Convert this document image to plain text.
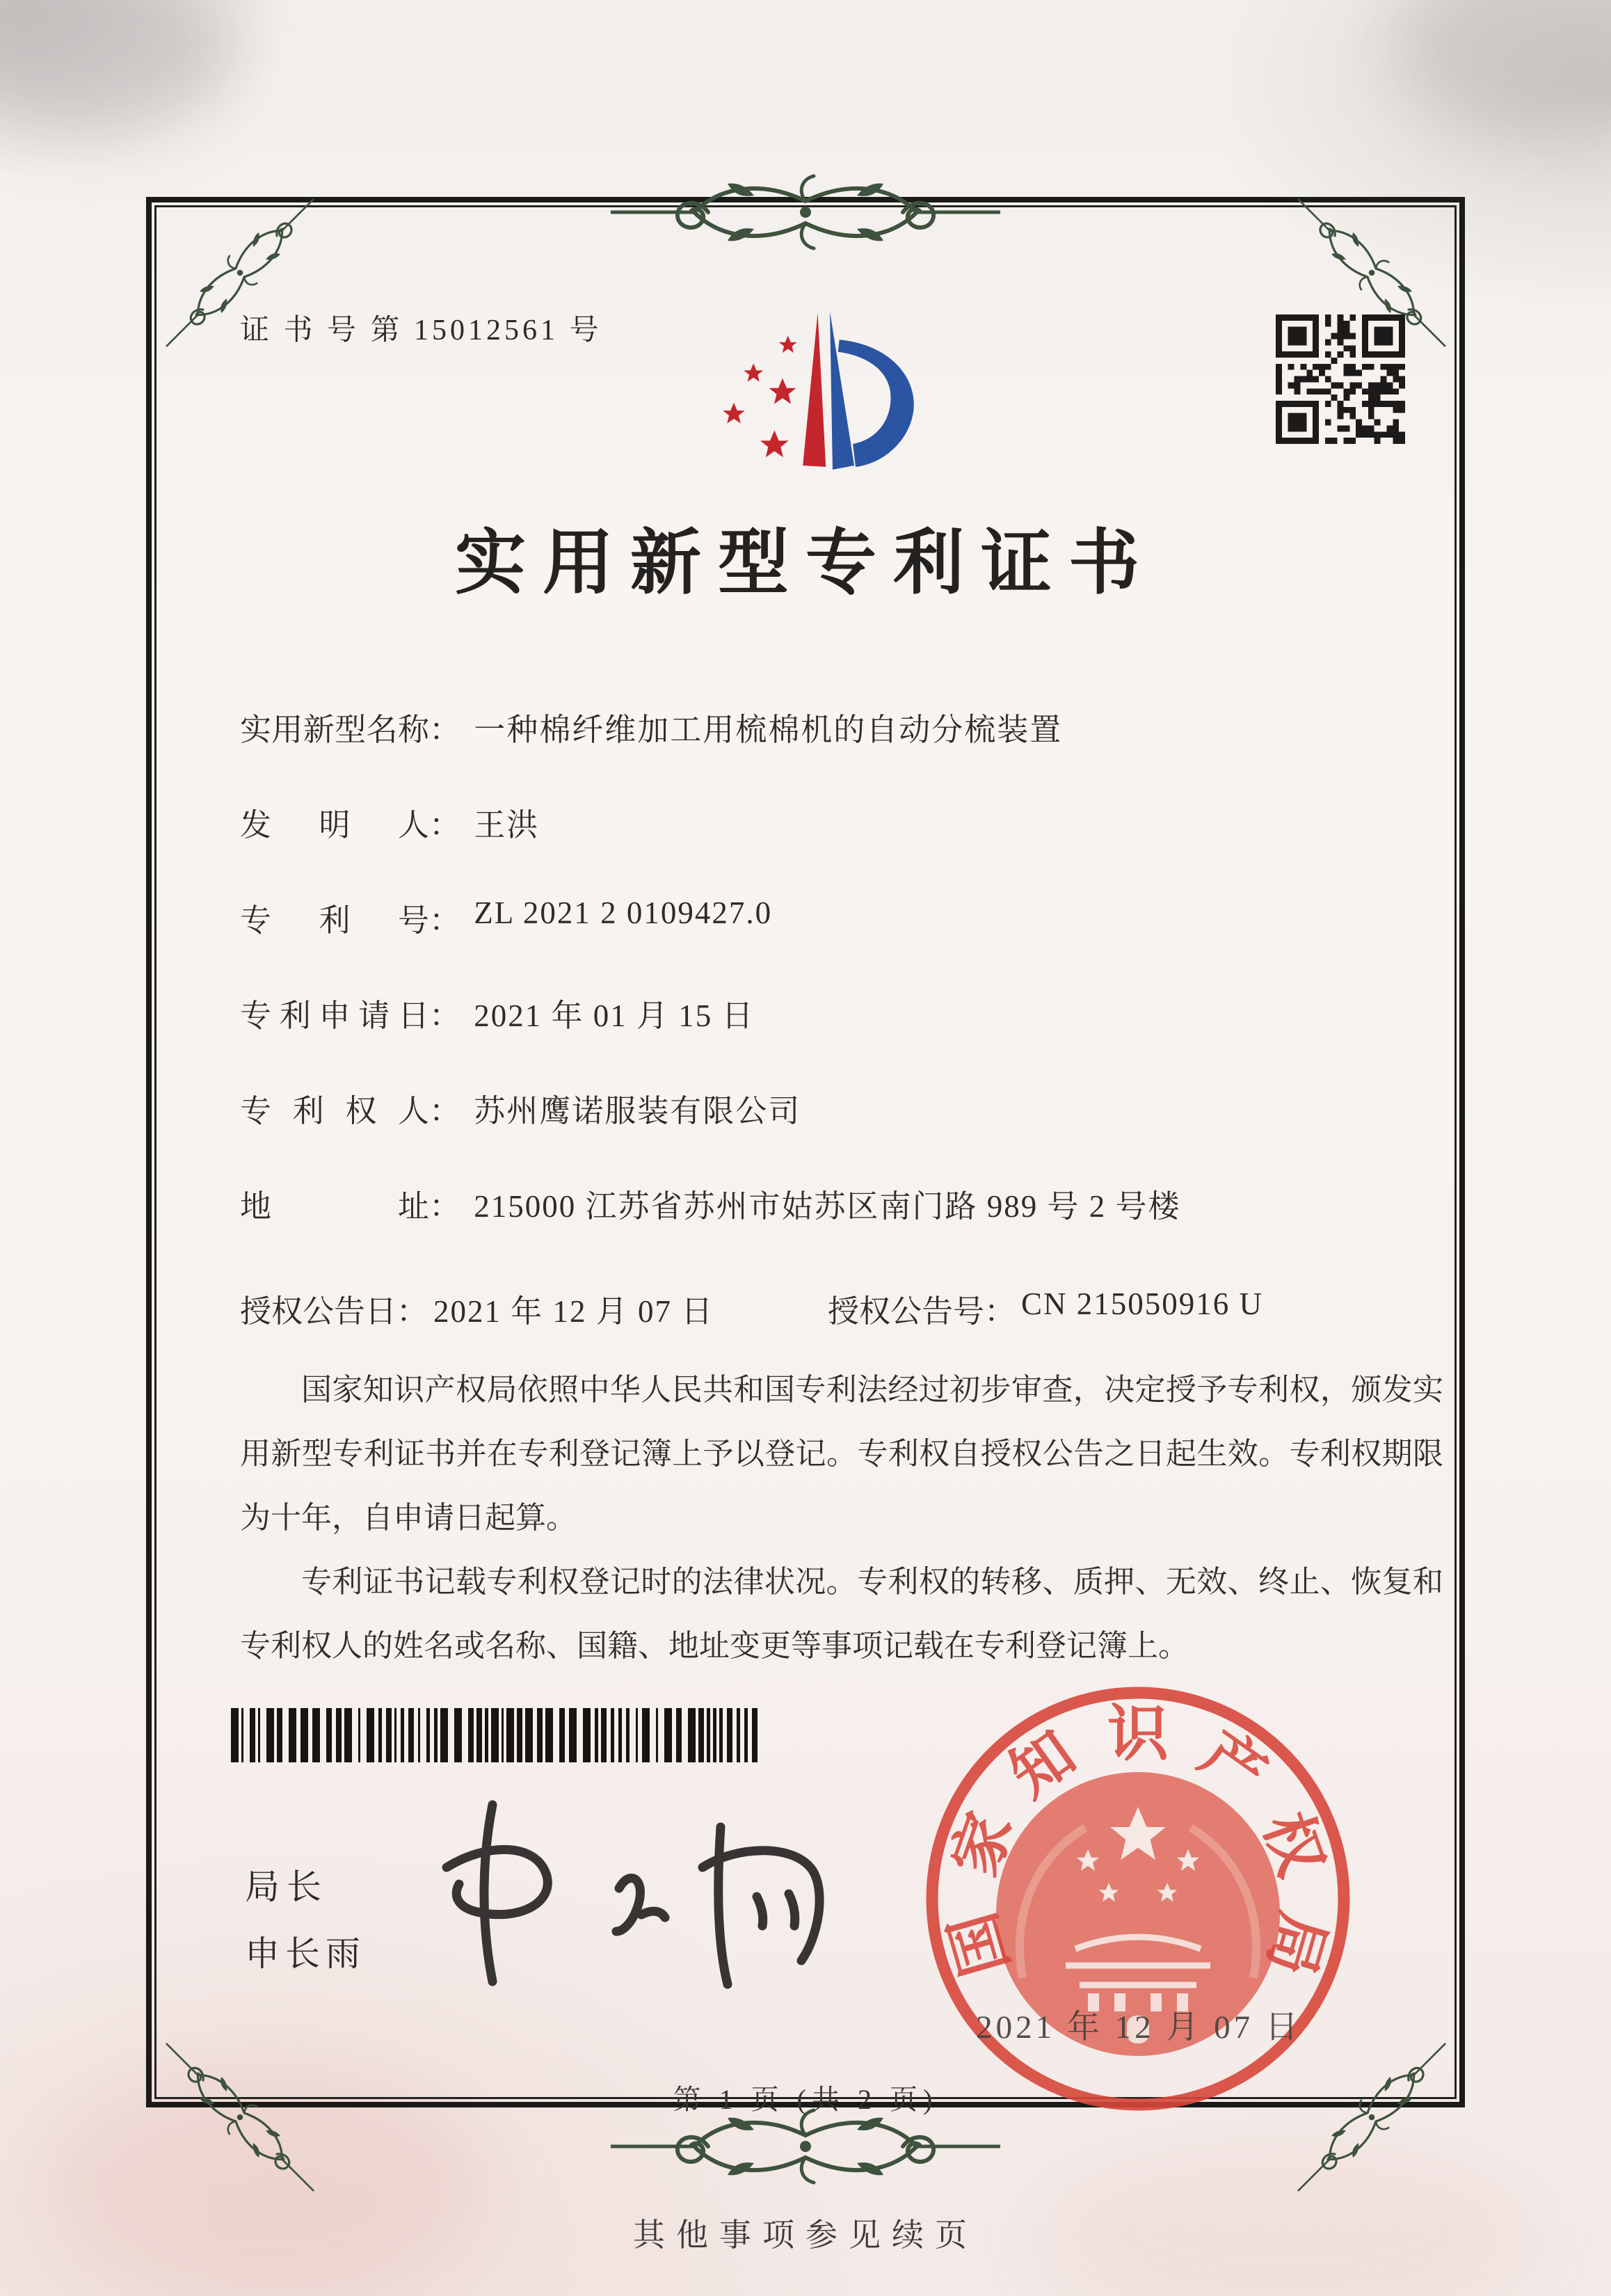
证 书 号 第 15012561 号
实用新型专利证书
实用新型名称： 一种棉纤维加工用梳棉机的自动分梳装置
发明人： 王洪
专利号： ZL 2021 2 0109427.0
专利申请日： 2021 年 01 月 15 日
专利权人： 苏州鹰诺服装有限公司
地址： 215000 江苏省苏州市姑苏区南门路 989 号 2 号楼
授权公告日： 2021 年 12 月 07 日	授权公告号： CN 215050916 U

国家知识产权局依照中华人民共和国专利法经过初步审查，决定授予专利权，颁发实用新型专利证书并在专利登记簿上予以登记。专利权自授权公告之日起生效。专利权期限为十年，自申请日起算。

专利证书记载专利权登记时的法律状况。专利权的转移、质押、无效、终止、恢复和专利权人的姓名或名称、国籍、地址变更等事项记载在专利登记簿上。

局长
申长雨	国
家
知 识 产
权
局
2021 年 12 月 07 日
第 1 页 (共 2 页)
其他事项参见续页
